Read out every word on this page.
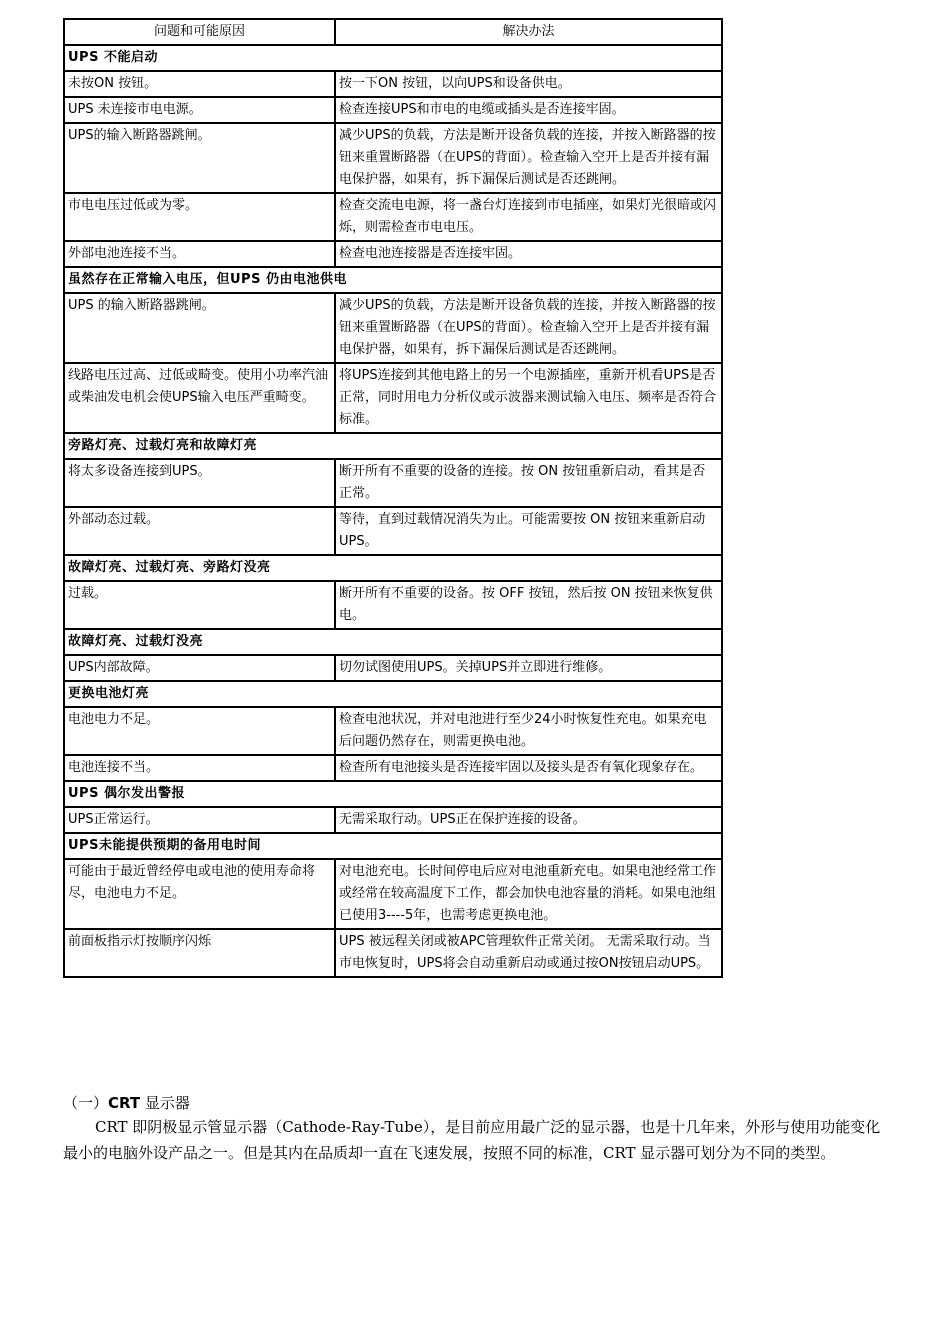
问题和可能原因	解决办法
UPS 不能启动	
未按ON 按钮。	按一下ON 按钮，以向UPS和设备供电。
UPS 未连接市电电源。	检查连接UPS和市电的电缆或插头是否连接牢固。
UPS的输入断路器跳闸。	减少UPS的负载，方法是断开设备负载的连接，并按入断路器的按钮来重置断路器（在UPS的背面）。检查输入空开上是否并接有漏电保护器，如果有，拆下漏保后测试是否还跳闸。
市电电压过低或为零。	检查交流电电源，将一盏台灯连接到市电插座，如果灯光很暗或闪烁，则需检查市电电压。
外部电池连接不当。	检查电池连接器是否连接牢固。
虽然存在正常输入电压，但UPS 仍由电池供电	
UPS 的输入断路器跳闸。	减少UPS的负载，方法是断开设备负载的连接，并按入断路器的按钮来重置断路器（在UPS的背面）。检查输入空开上是否并接有漏电保护器，如果有，拆下漏保后测试是否还跳闸。
线路电压过高、过低或畸变。使用小功率汽油或柴油发电机会使UPS输入电压严重畸变。	将UPS连接到其他电路上的另一个电源插座，重新开机看UPS是否正常，同时用电力分析仪或示波器来测试输入电压、频率是否符合标准。
旁路灯亮、过载灯亮和故障灯亮	
将太多设备连接到UPS。	断开所有不重要的设备的连接。按 ON 按钮重新启动，看其是否正常。
外部动态过载。	等待，直到过载情况消失为止。可能需要按 ON 按钮来重新启动UPS。
故障灯亮、过载灯亮、旁路灯没亮	
过载。	断开所有不重要的设备。按 OFF 按钮，然后按 ON 按钮来恢复供电。
故障灯亮、过载灯没亮	
UPS内部故障。	切勿试图使用UPS。关掉UPS并立即进行维修。
更换电池灯亮	
电池电力不足。	检查电池状况，并对电池进行至少24小时恢复性充电。如果充电后问题仍然存在，则需更换电池。
电池连接不当。	检查所有电池接头是否连接牢固以及接头是否有氧化现象存在。
UPS 偶尔发出警报	
UPS正常运行。	无需采取行动。UPS正在保护连接的设备。
UPS未能提供预期的备用电时间	
可能由于最近曾经停电或电池的使用寿命将尽，电池电力不足。	对电池充电。长时间停电后应对电池重新充电。如果电池经常工作或经常在较高温度下工作，都会加快电池容量的消耗。如果电池组已使用3----5年，也需考虑更换电池。
前面板指示灯按顺序闪烁	UPS 被远程关闭或被APC管理软件正常关闭。 无需采取行动。当市电恢复时，UPS将会自动重新启动或通过按ON按钮启动UPS。
（一）CRT 显示器
CRT 即阴极显示管显示器（Cathode-Ray-Tube），是目前应用最广泛的显示器，也是十几年来，外形与使用功能变化最小的电脑外设产品之一。但是其内在品质却一直在飞速发展，按照不同的标准，CRT 显示器可划分为不同的类型。
